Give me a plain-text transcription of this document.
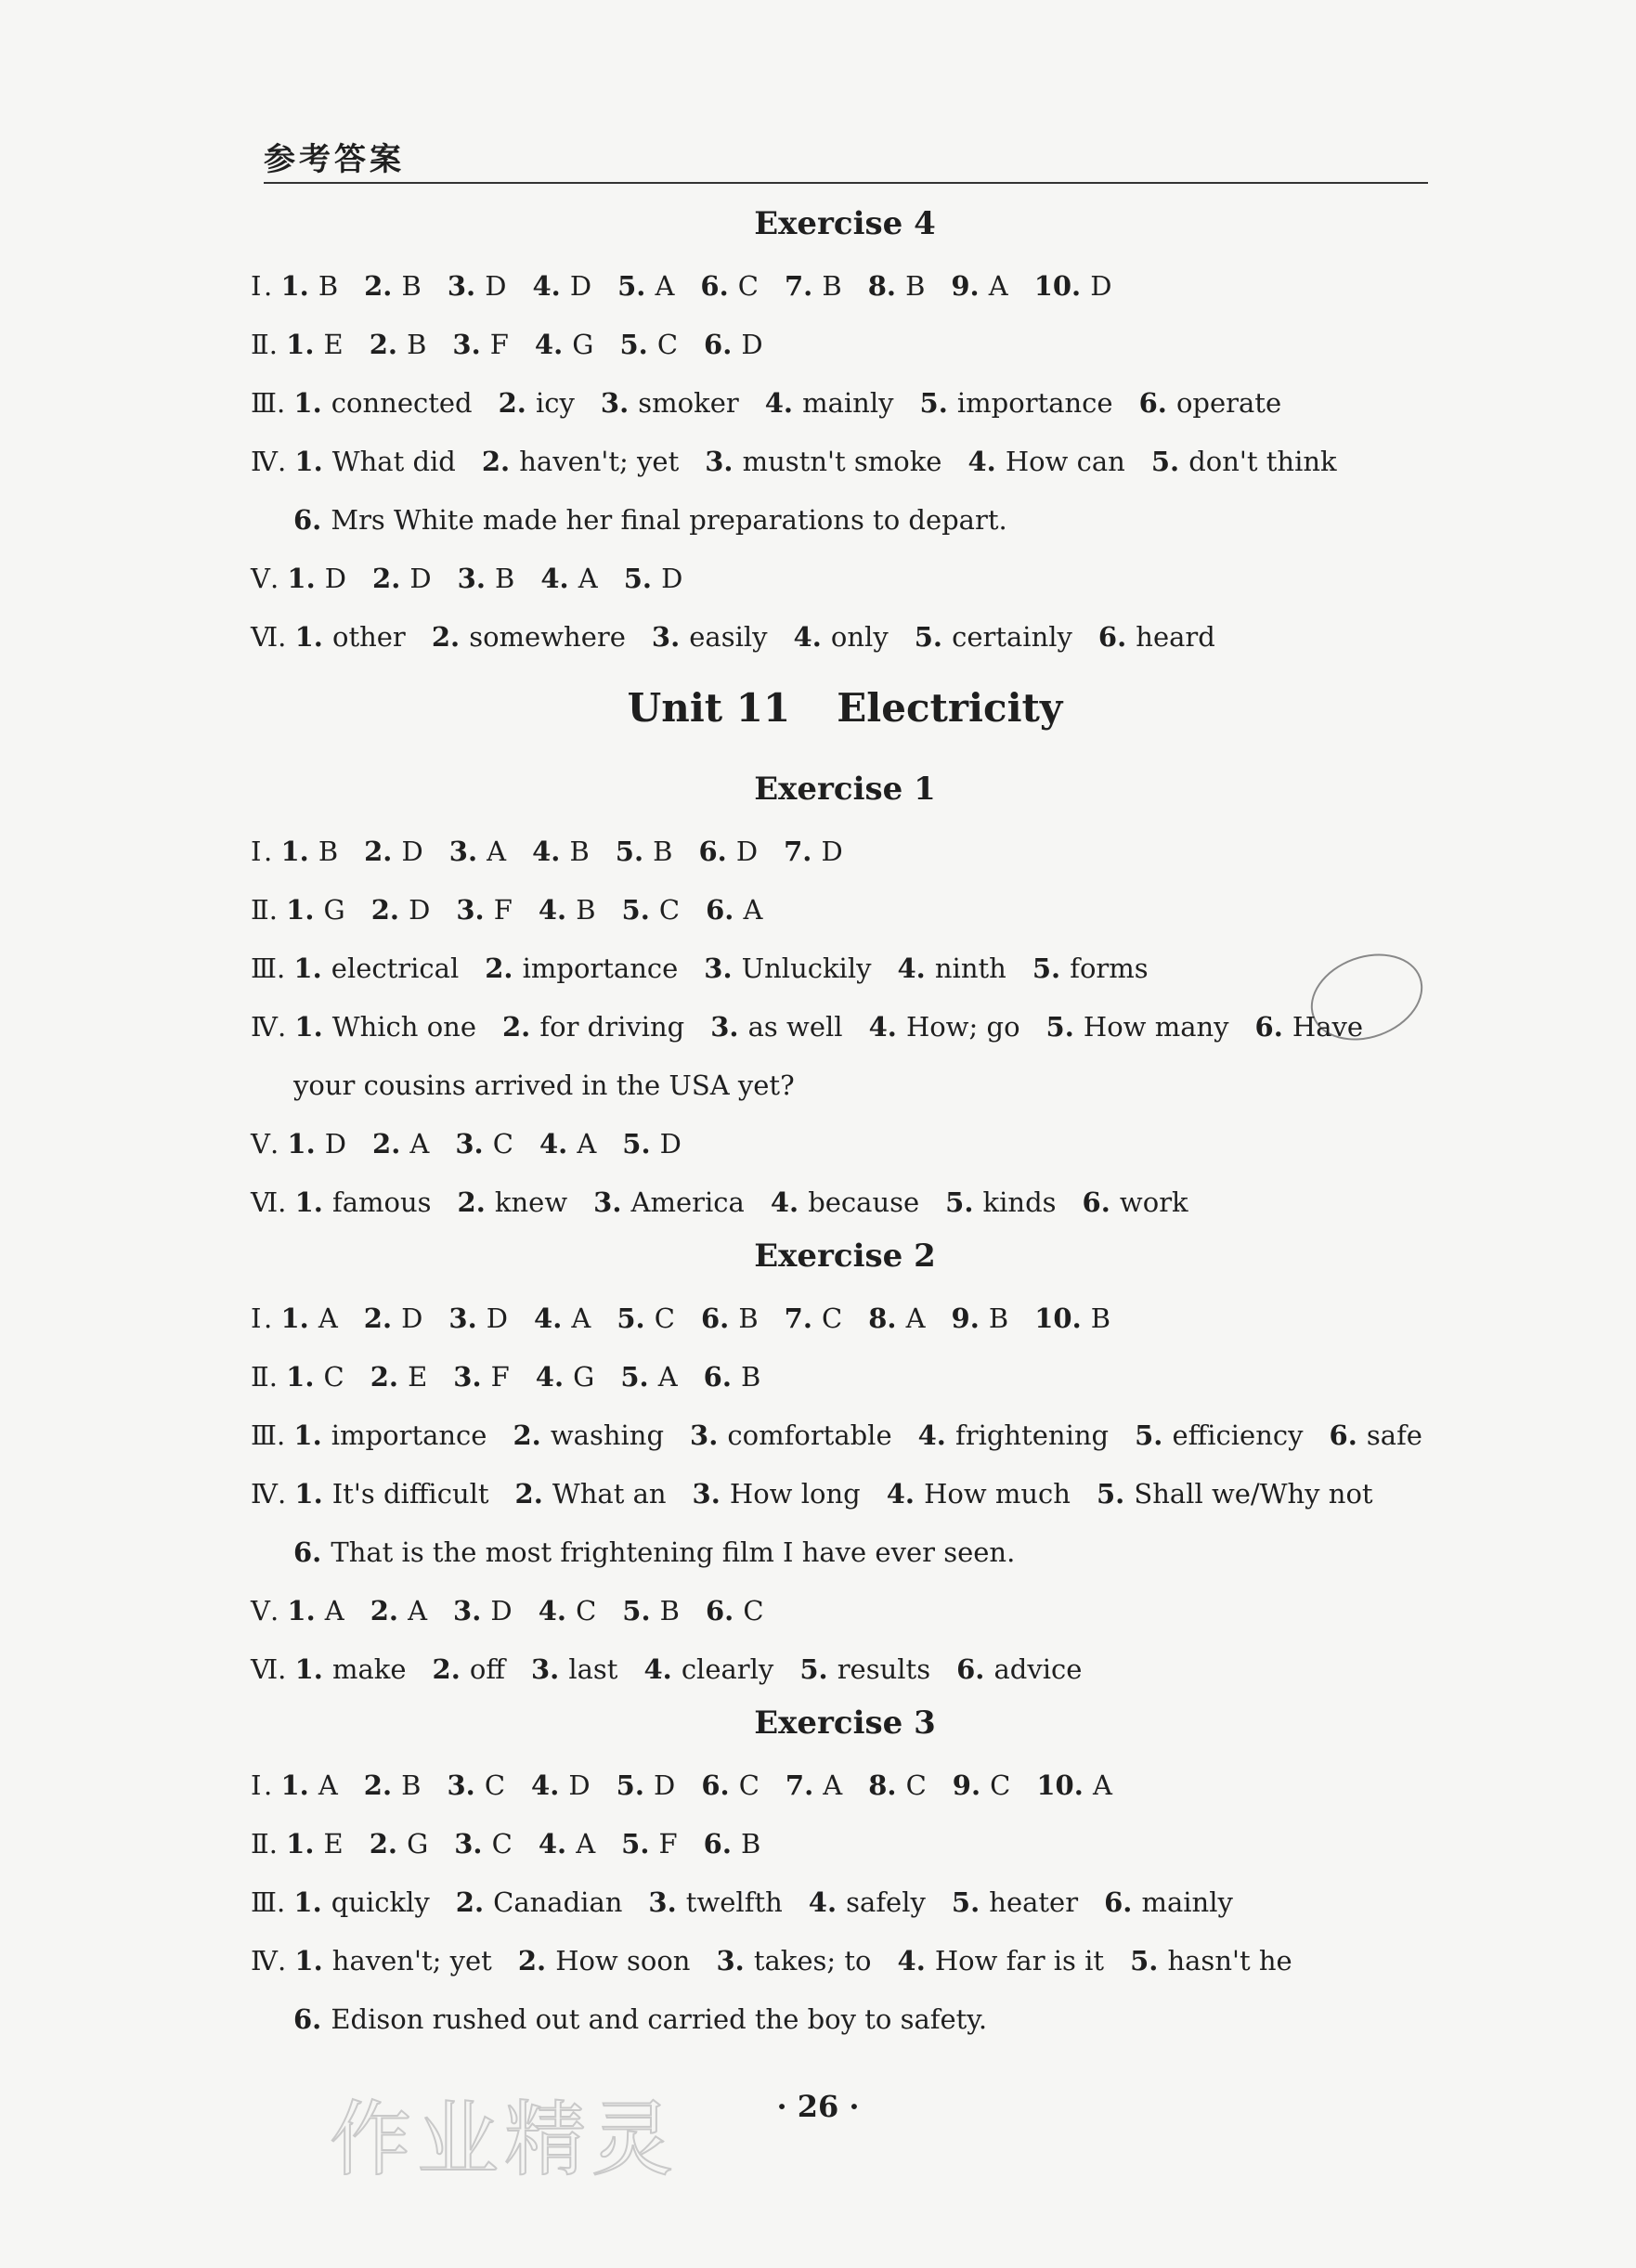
参考答案
Exercise 4
Ⅰ. 1. B 2. B 3. D 4. D 5. A 6. C 7. B 8. B 9. A 10. D
Ⅱ. 1. E 2. B 3. F 4. G 5. C 6. D
Ⅲ. 1. connected 2. icy 3. smoker 4. mainly 5. importance 6. operate
Ⅳ. 1. What did 2. haven't; yet 3. mustn't smoke 4. How can 5. don't think
6. Mrs White made her final preparations to depart.
Ⅴ. 1. D 2. D 3. B 4. A 5. D
Ⅵ. 1. other 2. somewhere 3. easily 4. only 5. certainly 6. heard
Unit 11 Electricity
Exercise 1
Ⅰ. 1. B 2. D 3. A 4. B 5. B 6. D 7. D
Ⅱ. 1. G 2. D 3. F 4. B 5. C 6. A
Ⅲ. 1. electrical 2. importance 3. Unluckily 4. ninth 5. forms
Ⅳ. 1. Which one 2. for driving 3. as well 4. How; go 5. How many 6. Have
your cousins arrived in the USA yet?
Ⅴ. 1. D 2. A 3. C 4. A 5. D
Ⅵ. 1. famous 2. knew 3. America 4. because 5. kinds 6. work
Exercise 2
Ⅰ. 1. A 2. D 3. D 4. A 5. C 6. B 7. C 8. A 9. B 10. B
Ⅱ. 1. C 2. E 3. F 4. G 5. A 6. B
Ⅲ. 1. importance 2. washing 3. comfortable 4. frightening 5. efficiency 6. safe
Ⅳ. 1. It's difficult 2. What an 3. How long 4. How much 5. Shall we/Why not
6. That is the most frightening film I have ever seen.
Ⅴ. 1. A 2. A 3. D 4. C 5. B 6. C
Ⅵ. 1. make 2. off 3. last 4. clearly 5. results 6. advice
Exercise 3
Ⅰ. 1. A 2. B 3. C 4. D 5. D 6. C 7. A 8. C 9. C 10. A
Ⅱ. 1. E 2. G 3. C 4. A 5. F 6. B
Ⅲ. 1. quickly 2. Canadian 3. twelfth 4. safely 5. heater 6. mainly
Ⅳ. 1. haven't; yet 2. How soon 3. takes; to 4. How far is it 5. hasn't he
6. Edison rushed out and carried the boy to safety.
· 26 ·
作业精灵
